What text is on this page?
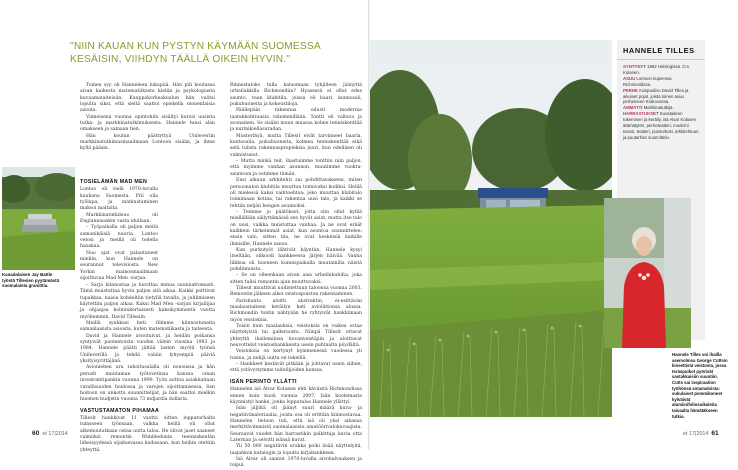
"NIIN KAUAN KUN PYSTYN KÄYMÄÄN SUOMESSA
KESÄISIN, VIIHDYN TÄÄLLÄ OIKEIN HYVIN."
Kanadalaisen Jay Battle työstä Tillesien pyytämästä suomalaista graniittia.

Toinen syy oli Hanneleen lukupiiä. Hän piti koulussa aivan kaikesta matematiikasta kieliin ja psykologiasta kuvaamataiteisiin. Kauppakorkeakoulun hän valitsi lopulta siksi, että sieltä saattoi opiskella monenlaisia asioita.

Viimeisenä vuonna opintohiin sisältyi kurssi uusista tutka- ja markkinatutkimuksesta. Hannele tunsi alan omakseen ja samaan tien.

Hän koulun päättyttyä Unileveriin markkinatutkimusmaailmaan Lontoon sisään, ja ihme kyllä pääsin.

TOSIELÄMÄN MAD MEN

Lontoo oli vielä 1970-luvulla kaukana Suomesta. Piti olla työlupa, ja matkustaminen maksoi maltaita.

Markkinatutkimus oli Englannissakin vasta idullaan.

– Työpaikalla oli paljon meitä samanikäisiä nuoria. Lontoo vetosi ja meillä oli todella hauskaa.

Nuo ajat ovat palautuneet mieliin, kun Hannele on seurannut televisiosta New Yorkin mainosmaailmaan sijoittuvaa Mad Men -sarjaa.

– Sarja kiinnostaa ja huvittaa minua suunnattomasti. Tämä muistuttaa hyvin paljon sitä aikaa. Kaikki polttivat tupakkaa, naisia kohdeltiin tietyllä tavalla, ja juhlimiseen käytettiin paljon aikaa. Kaksi Mad Men -sarjan kirjailijaa ja ohjaajaa kolminkertaisesti kaksikymmentä vuotta myöhemmin, David Tillesiin.

Meillä synkkasi heti. Olimme kiinnostuneita samanlaisista asioista, kuten matematiikasta ja taiteesta.

David ja Hannele avioituivat, ja heidän poikansa syntyivät puolentoista vuoden välein vuosina 1982 ja 1984. Hannele päätti jättää lasten myötä työnsä Unileverillä ja tehdä vahän lyhyempiä päiviä yksityisyrittäjänä.

Avioniehen ura rahoitusalalla oli nousussa ja hän perusti muutaman työtovetinsa kanssa oman investointipankin vuonna 1990. Työn auttoa asiakkaitaan varallisuuden hoidossa ja varojen sijoittamisessa. Sen hoitoon on unkottu suunnittelijat, ja hän saattoi mielkin huomen budjetin vuonna 73 mdjardia dollaria.

VASTUSTAMATON PIHAMAA

Tillesit hankkivat 11 vuotta sitten lopputorhalta tumsseen työnsaan, valkka heillä oli ollut alkemuutatkaan ostaa uutta taloa. He olivat jaset saaneet valmiiksi remontin Wimbledonin teenniskentän läheisyydessä sijaitsevassa kodissaan, kun heihin otettiin yhteyttä.

Rinnestaloko tulla katsomaan tyhjilleen jäänyttä urheilakkilla Richmondiin? Hyasessä ei ollut edes asunto, vaan klubitila, joissa oli baari, kunnosali, pukuhuoneita ja kokoustiloja.

Päällepäin rakennus edusti modernia laatukkohtiuusia viileimmillään. Tontti oli valtava ja avonainen. Se sisälsi muun muassa kolme tenniskenttää ja nurmikiellasuradan.

Musterihyä, mutta Tillesit eivät tarvinneet baaria, kuntosalia, pukuhuoneita, kolmea tenniskenttää eikä setä tulista rakennuspropleksia juuri, kun edellisen oli valmistunut.

– Mutta minkä teit, ihastuimme tonttiin niin paljon, että myimme vanhan asunnon, muutimme vuokra-asuntoon ja ostimme tämän.

Ensi alkuun arkkitehti sai pohdittavakseen, miten persoonaton klubitila muuttuu toimivaksi kodiksi. Heillä oli mielessä kaksi vaihtoehtoa: joko muuttaa klubitalo toimimaan kotina, tai rakentaa uusi talo, ja kaikki se tehtiin neljän hengen asunnoksi.

– Teimme jo päätökset, jotta olin ollut kylliä miellällään säilyttämässä sen hyvät asiat, mutta itse talo on uusi, vaikka muistuttaa vanhaa. Ja ne ovat eräät kaikkein tärkeimmät asiat, kun asuntoa suunnittelee: ensin valo, sitten tila, ne ovat keskeisiä kaikille ihmisille, Hannele sanoo.

Kun purkutyöt lähtivät käyntiin, Hannele kysyi itseltään, olikoodi hankkeessa järjen häivää. Vanha liikkua oli huoneen kunnispaikalla muutamilla näistä pohdinnoista.

– Se on olleenkaan aivan aisa urheilukubilta, joka sitten tulisi remontin ajan muuttuvaksi.

Tillesit muuttivat uudistettuun taloonsa vuonna 2003. Remontin jälkeen alkoi veistospuiston rakentaminen.

Pariskunta aloitti abstraktin, ei-esittävän maalaustaiteen keräilyn heti avioliittonsa alussa. Richmondin tontin nähtyään he ryhtyivät hankkimaan myös veistoksia.

Toisin kuin maalauksia, veistoksia on vaikea ostaa näyttelyistä tai gallerioista. Niinpä Tillesit ottavat yhteyttä ihailemiinsa kuvanveistäjiin ja aloittavat neuvottelut veistoshankkeista usein puhtaalta pöydältä.

Veistoksia on kertynyt kymmenessä vuodessa yli tusina, ja nelijä uutta on tekeillä.

– Hankkeet kestävät pitkään ja johtavat usein siihen, että ystävystymme taiteilijoiden kanssa.

ISÄN PERINTÖ YLLÄTTI

Hannelen isä Alvar Kolanen ehti käväistä Richmondissa ennen kuin kuoli vuonna 2007. Isän kuolemasta käynnistyi hanke, jonka lopputulos Hannele yllättyi.

Isän jäljiltä oli jäänyt suuri määrä kuva- ja negatiivimateriaalia, joista osa oli erittäin kiinnostavaa. Hannelen tietoon tuli, että isä oli yksi aikansa merkittävimmistä suomalaisista amatöörivalokuvaajista. Seuraavat vuodet hän harrastikin palkittuja kuvia otta Laternan ja selvitti isänsä kuvat.

Yli 50 000 negatiivin urakka poiki lisää näyttelyitä, laajahkon katalogin ja lopulta kirjahankkeen.

Isä Alvar oli saanut 1970-luvulla aivohalvauksen ja toipui.

HANNELE TILLES
SYNTYNYT 1952 Helsingissä. O.s. Kolanen.
ASUU Lontoon kupeessa Richmondissa.
PERHE Aviopuoliso David Tilles ja aikuiset pojat, joista toinen asuu perheineen Krakovassa.
AMMATTI Markkinatutkija.
HARRASTUKSET Kuvataiteen tukeminen ja keräily, isä Alvar Kolasen ätämätytön, perheteatteri, moderni tanssi, teatteri, puistorkoki, arkkitehtuuri ja puutarhan suunnittelu.
Hannele Tilles voi ihailla asemolmsa George Cuttsin kineettistä veistosta, jossa teräspuikot pyörivät vastakkaisiin suuntiin. Cutts sai inspiraation työhönsä sotamaloista: sukulaiset pommikoneet kylväivät alumiinifoliosuikaleita taivaalta hämätäkseen tutkia.
60 et 17|2014	et 17|2014 61
